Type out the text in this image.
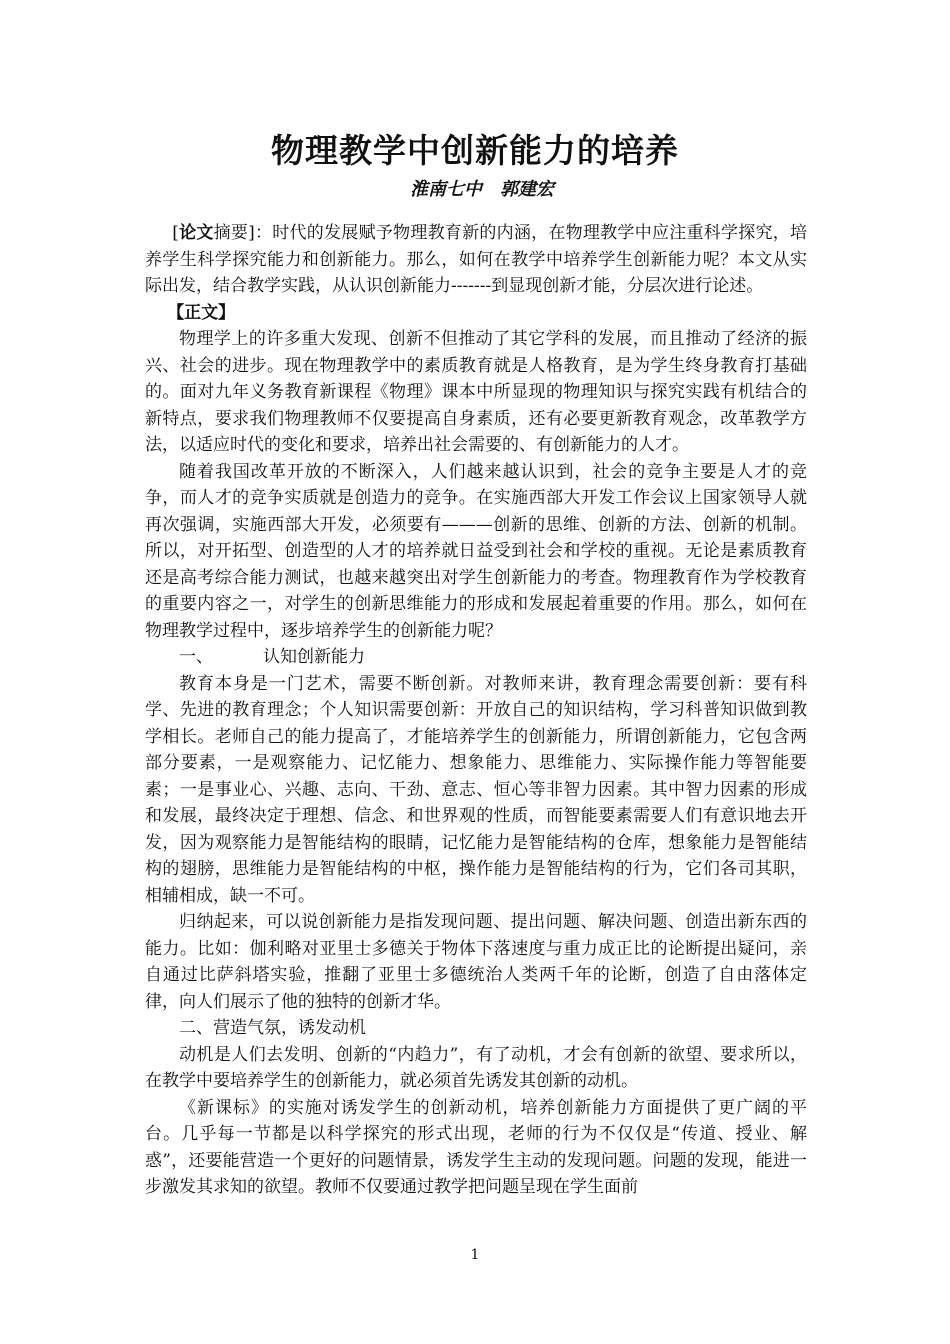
物理教学中创新能力的培养
淮南七中　郭建宏

[论文摘要]：时代的发展赋予物理教育新的内涵，在物理教学中应注重科学探究，培养学生科学探究能力和创新能力。那么，如何在教学中培养学生创新能力呢？本文从实际出发，结合教学实践，从认识创新能力-------到显现创新才能，分层次进行论述。

【正文】

物理学上的许多重大发现、创新不但推动了其它学科的发展，而且推动了经济的振兴、社会的进步。现在物理教学中的素质教育就是人格教育，是为学生终身教育打基础的。面对九年义务教育新课程《物理》课本中所显现的物理知识与探究实践有机结合的新特点，要求我们物理教师不仅要提高自身素质，还有必要更新教育观念，改革教学方法，以适应时代的变化和要求，培养出社会需要的、有创新能力的人才。

随着我国改革开放的不断深入，人们越来越认识到，社会的竞争主要是人才的竞争，而人才的竞争实质就是创造力的竞争。在实施西部大开发工作会议上国家领导人就再次强调，实施西部大开发，必须要有———创新的思维、创新的方法、创新的机制。所以，对开拓型、创造型的人才的培养就日益受到社会和学校的重视。无论是素质教育还是高考综合能力测试，也越来越突出对学生创新能力的考查。物理教育作为学校教育的重要内容之一，对学生的创新思维能力的形成和发展起着重要的作用。那么，如何在物理教学过程中，逐步培养学生的创新能力呢？

一、	认知创新能力

教育本身是一门艺术，需要不断创新。对教师来讲，教育理念需要创新：要有科学、先进的教育理念；个人知识需要创新：开放自己的知识结构，学习科普知识做到教学相长。老师自己的能力提高了，才能培养学生的创新能力，所谓创新能力，它包含两部分要素，一是观察能力、记忆能力、想象能力、思维能力、实际操作能力等智能要素；一是事业心、兴趣、志向、干劲、意志、恒心等非智力因素。其中智力因素的形成和发展，最终决定于理想、信念、和世界观的性质，而智能要素需要人们有意识地去开发，因为观察能力是智能结构的眼睛，记忆能力是智能结构的仓库，想象能力是智能结构的翅膀，思维能力是智能结构的中枢，操作能力是智能结构的行为，它们各司其职，相辅相成，缺一不可。

归纳起来，可以说创新能力是指发现问题、提出问题、解决问题、创造出新东西的能力。比如：伽利略对亚里士多德关于物体下落速度与重力成正比的论断提出疑问，亲自通过比萨斜塔实验，推翻了亚里士多德统治人类两千年的论断，创造了自由落体定律，向人们展示了他的独特的创新才华。

二、营造气氛，诱发动机

动机是人们去发明、创新的“内趋力”，有了动机，才会有创新的欲望、要求所以，在教学中要培养学生的创新能力，就必须首先诱发其创新的动机。

《新课标》的实施对诱发学生的创新动机，培养创新能力方面提供了更广阔的平台。几乎每一节都是以科学探究的形式出现，老师的行为不仅仅是“传道、授业、解惑”，还要能营造一个更好的问题情景，诱发学生主动的发现问题。问题的发现，能进一步激发其求知的欲望。教师不仅要通过教学把问题呈现在学生面前

1
